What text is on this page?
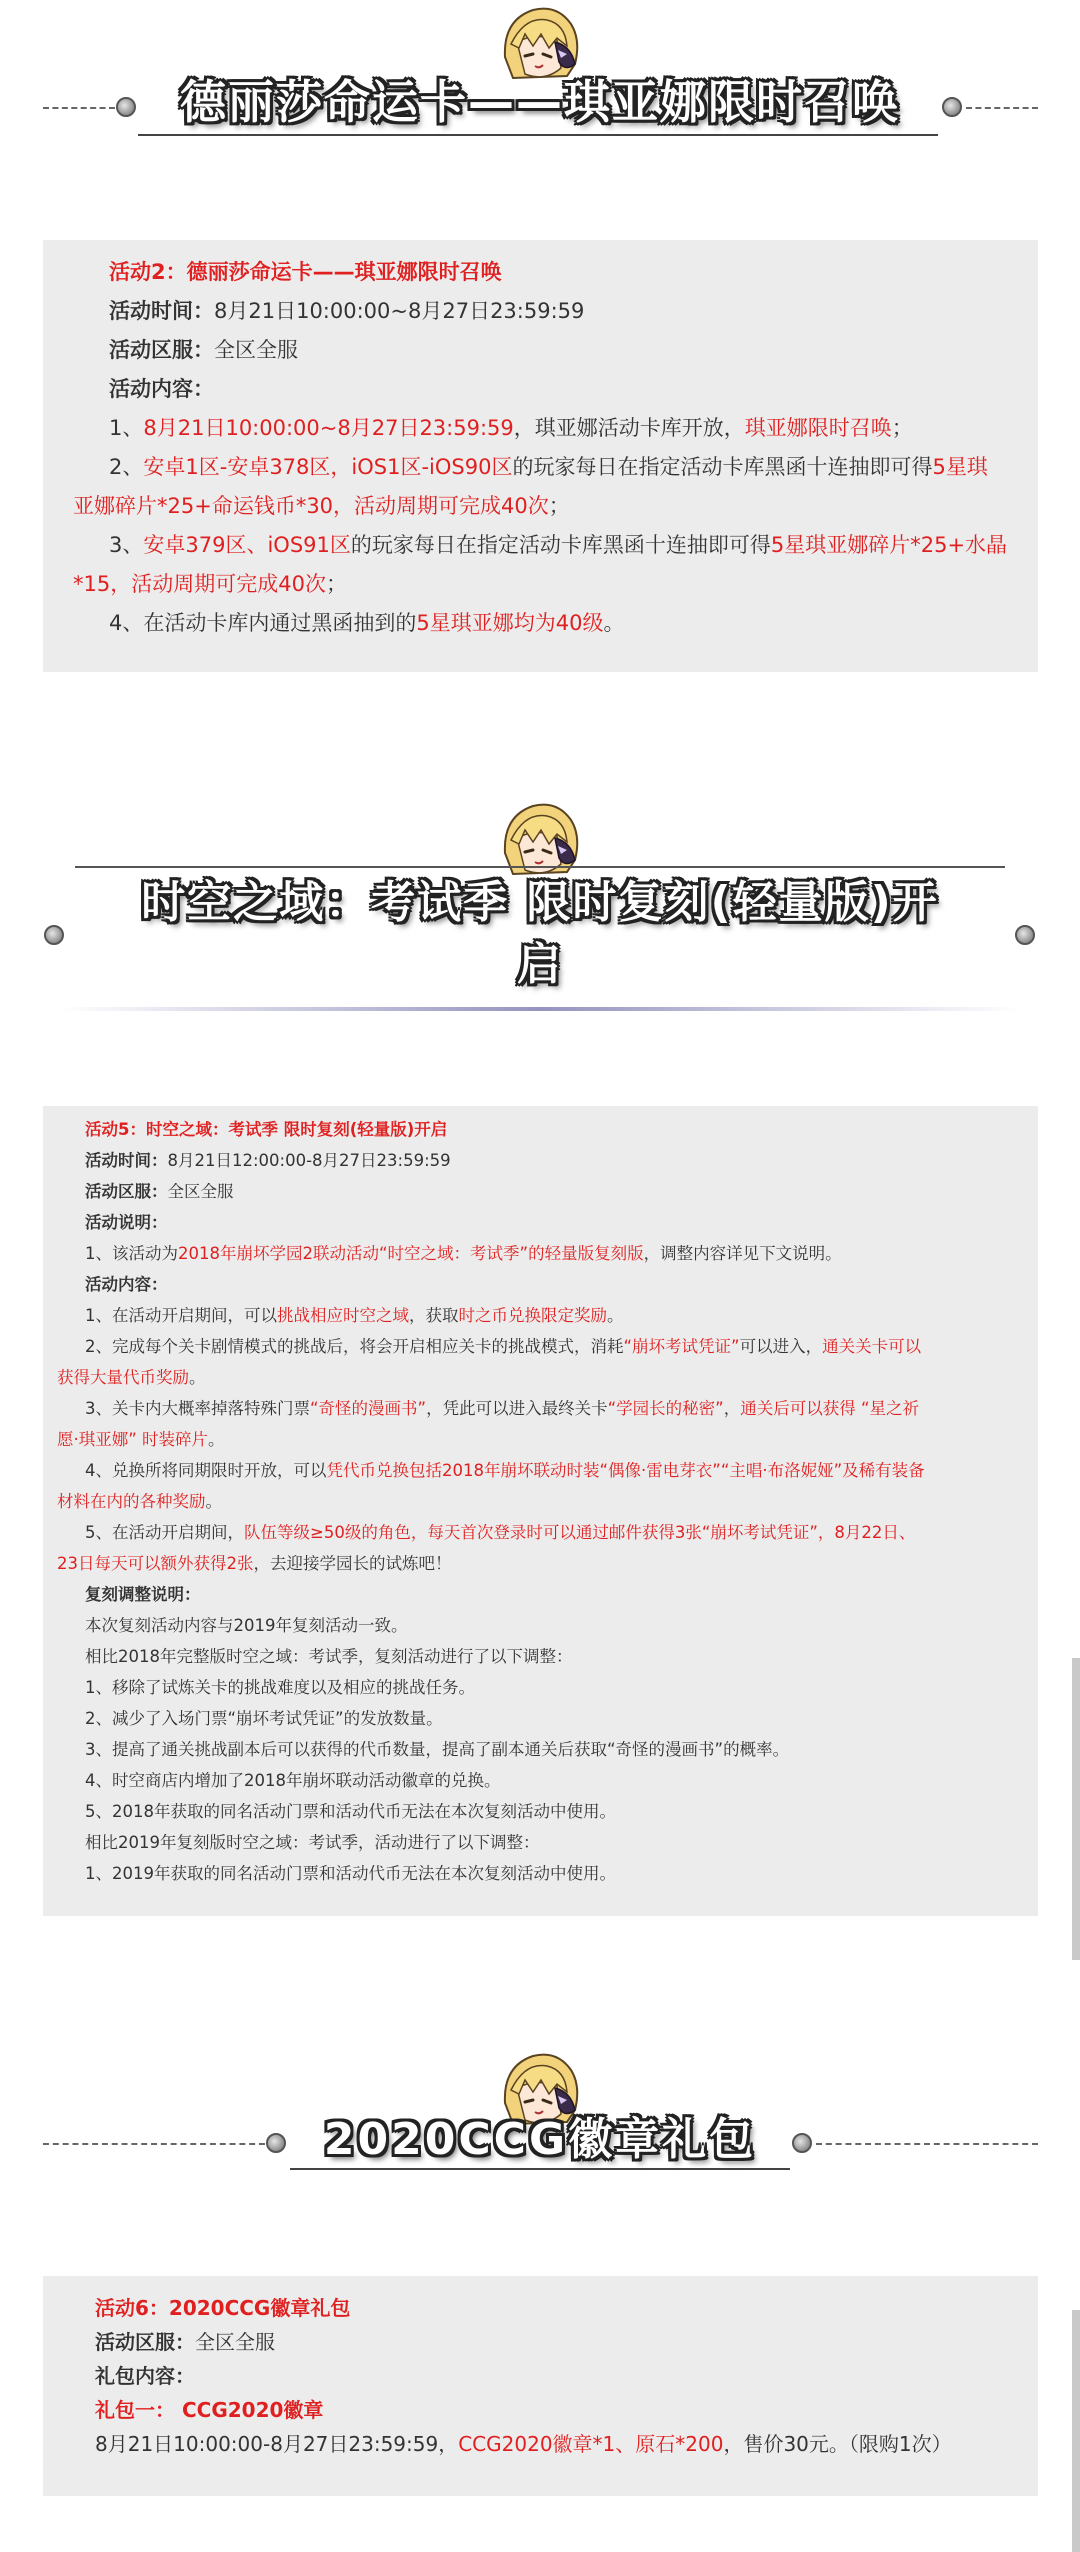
德丽莎命运卡——琪亚娜限时召唤

活动2：德丽莎命运卡——琪亚娜限时召唤

活动时间：8月21日10:00:00~8月27日23:59:59

活动区服：全区全服

活动内容：

1、8月21日10:00:00~8月27日23:59:59，琪亚娜活动卡库开放，琪亚娜限时召唤；

2、安卓1区-安卓378区，iOS1区-iOS90区的玩家每日在指定活动卡库黑函十连抽即可得5星琪亚娜碎片*25+命运钱币*30，活动周期可完成40次；

3、安卓379区、iOS91区的玩家每日在指定活动卡库黑函十连抽即可得5星琪亚娜碎片*25+水晶*15，活动周期可完成40次；

4、在活动卡库内通过黑函抽到的5星琪亚娜均为40级。

时空之域：考试季 限时复刻(轻量版)开
启

活动5：时空之域：考试季 限时复刻(轻量版)开启

活动时间：8月21日12:00:00-8月27日23:59:59

活动区服：全区全服

活动说明：

1、该活动为2018年崩坏学园2联动活动“时空之域：考试季”的轻量版复刻版，调整内容详见下文说明。

活动内容：

1、在活动开启期间，可以挑战相应时空之域，获取时之币兑换限定奖励。

2、完成每个关卡剧情模式的挑战后，将会开启相应关卡的挑战模式，消耗“崩坏考试凭证”可以进入，通关关卡可以

获得大量代币奖励。

3、关卡内大概率掉落特殊门票“奇怪的漫画书”，凭此可以进入最终关卡“学园长的秘密”，通关后可以获得 “星之祈

愿·琪亚娜” 时装碎片。

4、兑换所将同期限时开放，可以凭代币兑换包括2018年崩坏联动时装“偶像·雷电芽衣”“主唱·布洛妮娅”及稀有装备

材料在内的各种奖励。

5、在活动开启期间，队伍等级≥50级的角色，每天首次登录时可以通过邮件获得3张“崩坏考试凭证”，8月22日、

23日每天可以额外获得2张，去迎接学园长的试炼吧！

复刻调整说明：

本次复刻活动内容与2019年复刻活动一致。

相比2018年完整版时空之域：考试季，复刻活动进行了以下调整：

1、移除了试炼关卡的挑战难度以及相应的挑战任务。

2、减少了入场门票“崩坏考试凭证”的发放数量。

3、提高了通关挑战副本后可以获得的代币数量，提高了副本通关后获取“奇怪的漫画书”的概率。

4、时空商店内增加了2018年崩坏联动活动徽章的兑换。

5、2018年获取的同名活动门票和活动代币无法在本次复刻活动中使用。

相比2019年复刻版时空之域：考试季，活动进行了以下调整：

1、2019年获取的同名活动门票和活动代币无法在本次复刻活动中使用。

2020CCG徽章礼包

活动6：2020CCG徽章礼包

活动区服：全区全服

礼包内容：

礼包一： CCG2020徽章

8月21日10:00:00-8月27日23:59:59，CCG2020徽章*1、原石*200，售价30元。（限购1次）
